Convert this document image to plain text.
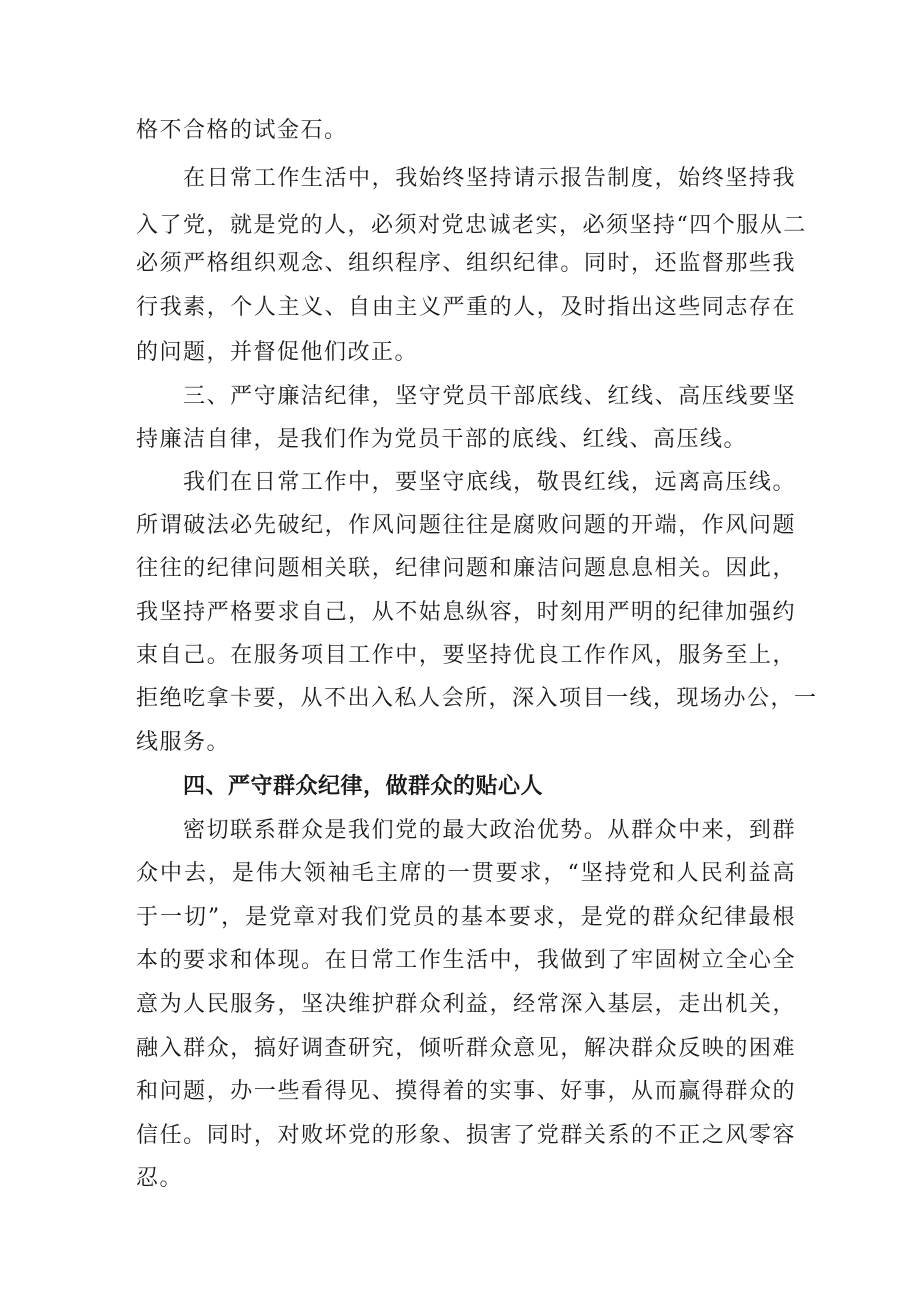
格不合格的试金石。
在日常工作生活中，我始终坚持请示报告制度，始终坚持我
入了党，就是党的人，必须对党忠诚老实，必须坚持“四个服从二
必须严格组织观念、组织程序、组织纪律。同时，还监督那些我
行我素，个人主义、自由主义严重的人，及时指出这些同志存在
的问题，并督促他们改正。
三、严守廉洁纪律，坚守党员干部底线、红线、高压线要坚
持廉洁自律，是我们作为党员干部的底线、红线、高压线。
我们在日常工作中，要坚守底线，敬畏红线，远离高压线。
所谓破法必先破纪，作风问题往往是腐败问题的开端，作风问题
往往的纪律问题相关联，纪律问题和廉洁问题息息相关。因此，
我坚持严格要求自己，从不姑息纵容，时刻用严明的纪律加强约
束自己。在服务项目工作中，要坚持优良工作作风，服务至上，
拒绝吃拿卡要，从不出入私人会所，深入项目一线，现场办公，一
线服务。
四、严守群众纪律，做群众的贴心人
密切联系群众是我们党的最大政治优势。从群众中来，到群
众中去，是伟大领袖毛主席的一贯要求，“坚持党和人民利益高
于一切”，是党章对我们党员的基本要求，是党的群众纪律最根
本的要求和体现。在日常工作生活中，我做到了牢固树立全心全
意为人民服务，坚决维护群众利益，经常深入基层，走出机关，
融入群众，搞好调查研究，倾听群众意见，解决群众反映的困难
和问题，办一些看得见、摸得着的实事、好事，从而赢得群众的
信任。同时，对败坏党的形象、损害了党群关系的不正之风零容
忍。
